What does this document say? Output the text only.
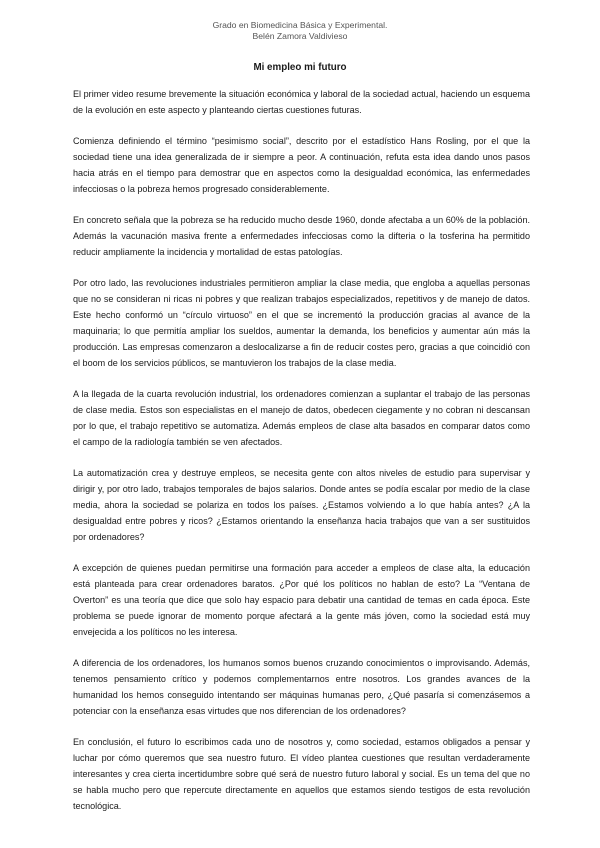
Grado en Biomedicina Básica y Experimental.
Belén Zamora Valdivieso
Mi empleo mi futuro

El primer video resume brevemente la situación económica y laboral de la sociedad actual, haciendo un esquema de la evolución en este aspecto y planteando ciertas cuestiones futuras.

Comienza definiendo el término “pesimismo social”, descrito por el estadístico Hans Rosling, por el que la sociedad tiene una idea generalizada de ir siempre a peor. A continuación, refuta esta idea dando unos pasos hacia atrás en el tiempo para demostrar que en aspectos como la desigualdad económica, las enfermedades infecciosas o la pobreza hemos progresado considerablemente.

En concreto señala que la pobreza se ha reducido mucho desde 1960, donde afectaba a un 60% de la población. Además la vacunación masiva frente a enfermedades infecciosas como la difteria o la tosferina ha permitido reducir ampliamente la incidencia y mortalidad de estas patologías.

Por otro lado, las revoluciones industriales permitieron ampliar la clase media, que engloba a aquellas personas que no se consideran ni ricas ni pobres y que realizan trabajos especializados, repetitivos y de manejo de datos. Este hecho conformó un “círculo virtuoso” en el que se incrementó la producción gracias al avance de la maquinaria; lo que permitía ampliar los sueldos, aumentar la demanda, los beneficios y aumentar aún más la producción. Las empresas comenzaron a deslocalizarse a fin de reducir costes pero, gracias a que coincidió con el boom de los servicios públicos, se mantuvieron los trabajos de la clase media.

A la llegada de la cuarta revolución industrial, los ordenadores comienzan a suplantar el trabajo de las personas de clase media. Estos son especialistas en el manejo de datos, obedecen ciegamente y no cobran ni descansan por lo que, el trabajo repetitivo se automatiza. Además empleos de clase alta basados en comparar datos como el campo de la radiología también se ven afectados.

La automatización crea y destruye empleos, se necesita gente con altos niveles de estudio para supervisar y dirigir y, por otro lado, trabajos temporales de bajos salarios. Donde antes se podía escalar por medio de la clase media, ahora la sociedad se polariza en todos los países. ¿Estamos volviendo a lo que había antes? ¿A la desigualdad entre pobres y ricos? ¿Estamos orientando la enseñanza hacia trabajos que van a ser sustituidos por ordenadores?

A excepción de quienes puedan permitirse una formación para acceder a empleos de clase alta, la educación está planteada para crear ordenadores baratos. ¿Por qué los políticos no hablan de esto? La “Ventana de Overton” es una teoría que dice que solo hay espacio para debatir una cantidad de temas en cada época. Este problema se puede ignorar de momento porque afectará a la gente más jóven, como la sociedad está muy envejecida a los políticos no les interesa.

A diferencia de los ordenadores, los humanos somos buenos cruzando conocimientos o improvisando. Además, tenemos pensamiento crítico y podemos complementarnos entre nosotros. Los grandes avances de la humanidad los hemos conseguido intentando ser máquinas humanas pero, ¿Qué pasaría si comenzásemos a potenciar con la enseñanza esas virtudes que nos diferencian de los ordenadores?

En conclusión, el futuro lo escribimos cada uno de nosotros y, como sociedad, estamos obligados a pensar y luchar por cómo queremos que sea nuestro futuro. El vídeo plantea cuestiones que resultan verdaderamente interesantes y crea cierta incertidumbre sobre qué será de nuestro futuro laboral y social. Es un tema del que no se habla mucho pero que repercute directamente en aquellos que estamos siendo testigos de esta revolución tecnológica.
